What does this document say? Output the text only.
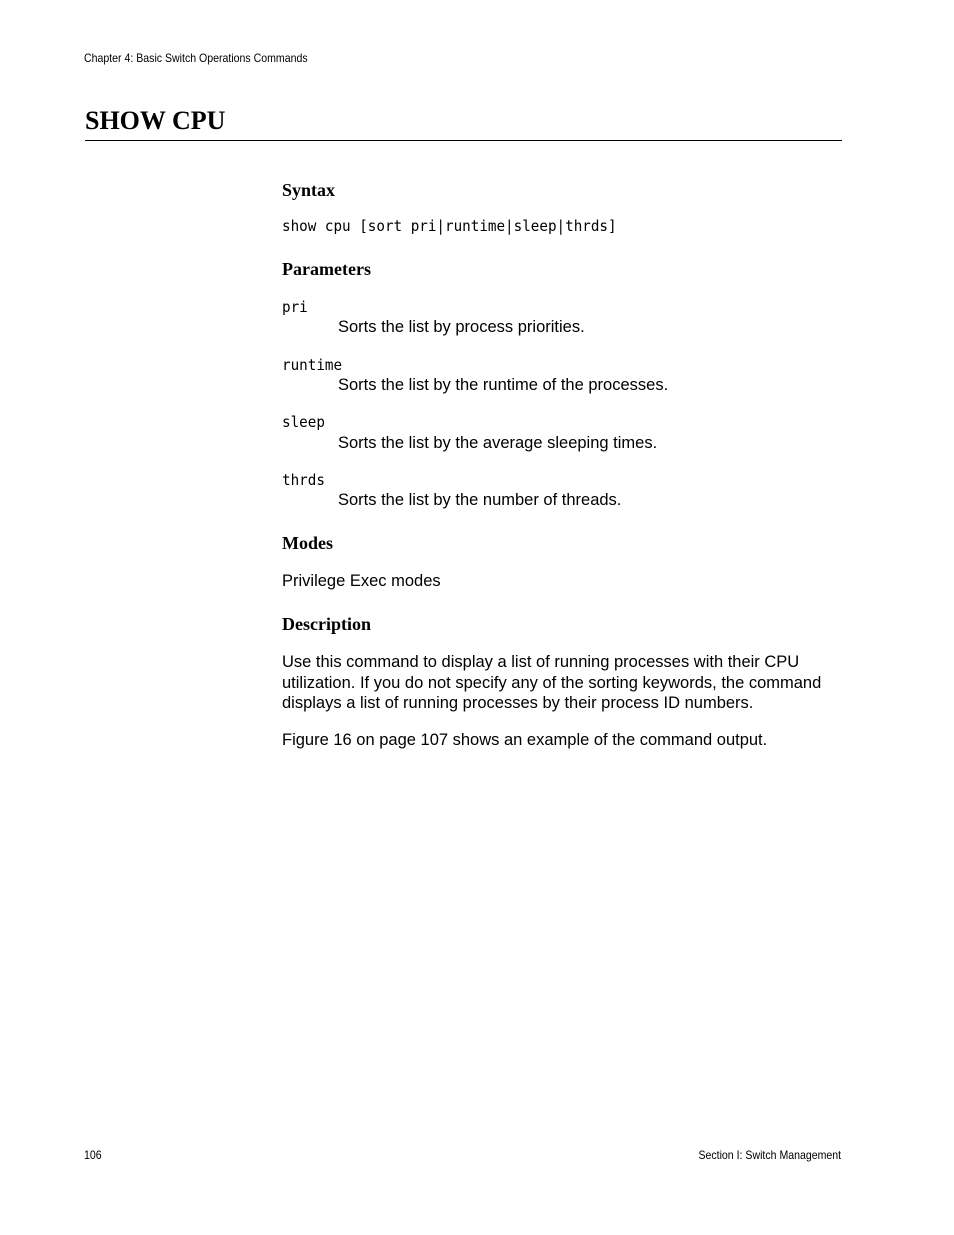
Chapter 4: Basic Switch Operations Commands
SHOW CPU
Syntax
show cpu [sort pri|runtime|sleep|thrds]
Parameters
pri
Sorts the list by process priorities.
runtime
Sorts the list by the runtime of the processes.
sleep
Sorts the list by the average sleeping times.
thrds
Sorts the list by the number of threads.
Modes

Privilege Exec modes

Description

Use this command to display a list of running processes with their CPU
utilization. If you do not specify any of the sorting keywords, the command
displays a list of running processes by their process ID numbers.

Figure 16 on page 107 shows an example of the command output.

106	Section I: Switch Management
